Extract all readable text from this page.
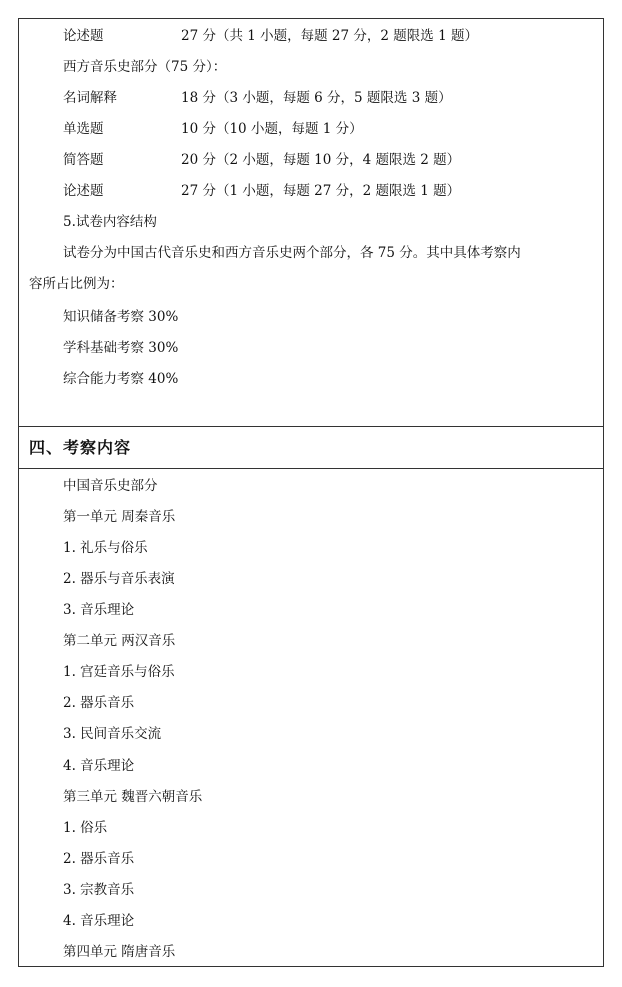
论述题	27 分（共 1 小题，每题 27 分，2 题限选 1 题）
西方音乐史部分（75 分）：
名词解释	18 分（3 小题，每题 6 分，5 题限选 3 题）
单选题	10 分（10 小题，每题 1 分）
简答题	20 分（2 小题，每题 10 分，4 题限选 2 题）
论述题	27 分（1 小题，每题 27 分，2 题限选 1 题）
5.试卷内容结构
试卷分为中国古代音乐史和西方音乐史两个部分，各 75 分。其中具体考察内
容所占比例为：
知识储备考察 30%
学科基础考察 30%
综合能力考察 40%
四、考察内容
中国音乐史部分
第一单元 周秦音乐
1. 礼乐与俗乐
2. 器乐与音乐表演
3. 音乐理论
第二单元 两汉音乐
1. 宫廷音乐与俗乐
2. 器乐音乐
3. 民间音乐交流
4. 音乐理论
第三单元 魏晋六朝音乐
1. 俗乐
2. 器乐音乐
3. 宗教音乐
4. 音乐理论
第四单元 隋唐音乐
